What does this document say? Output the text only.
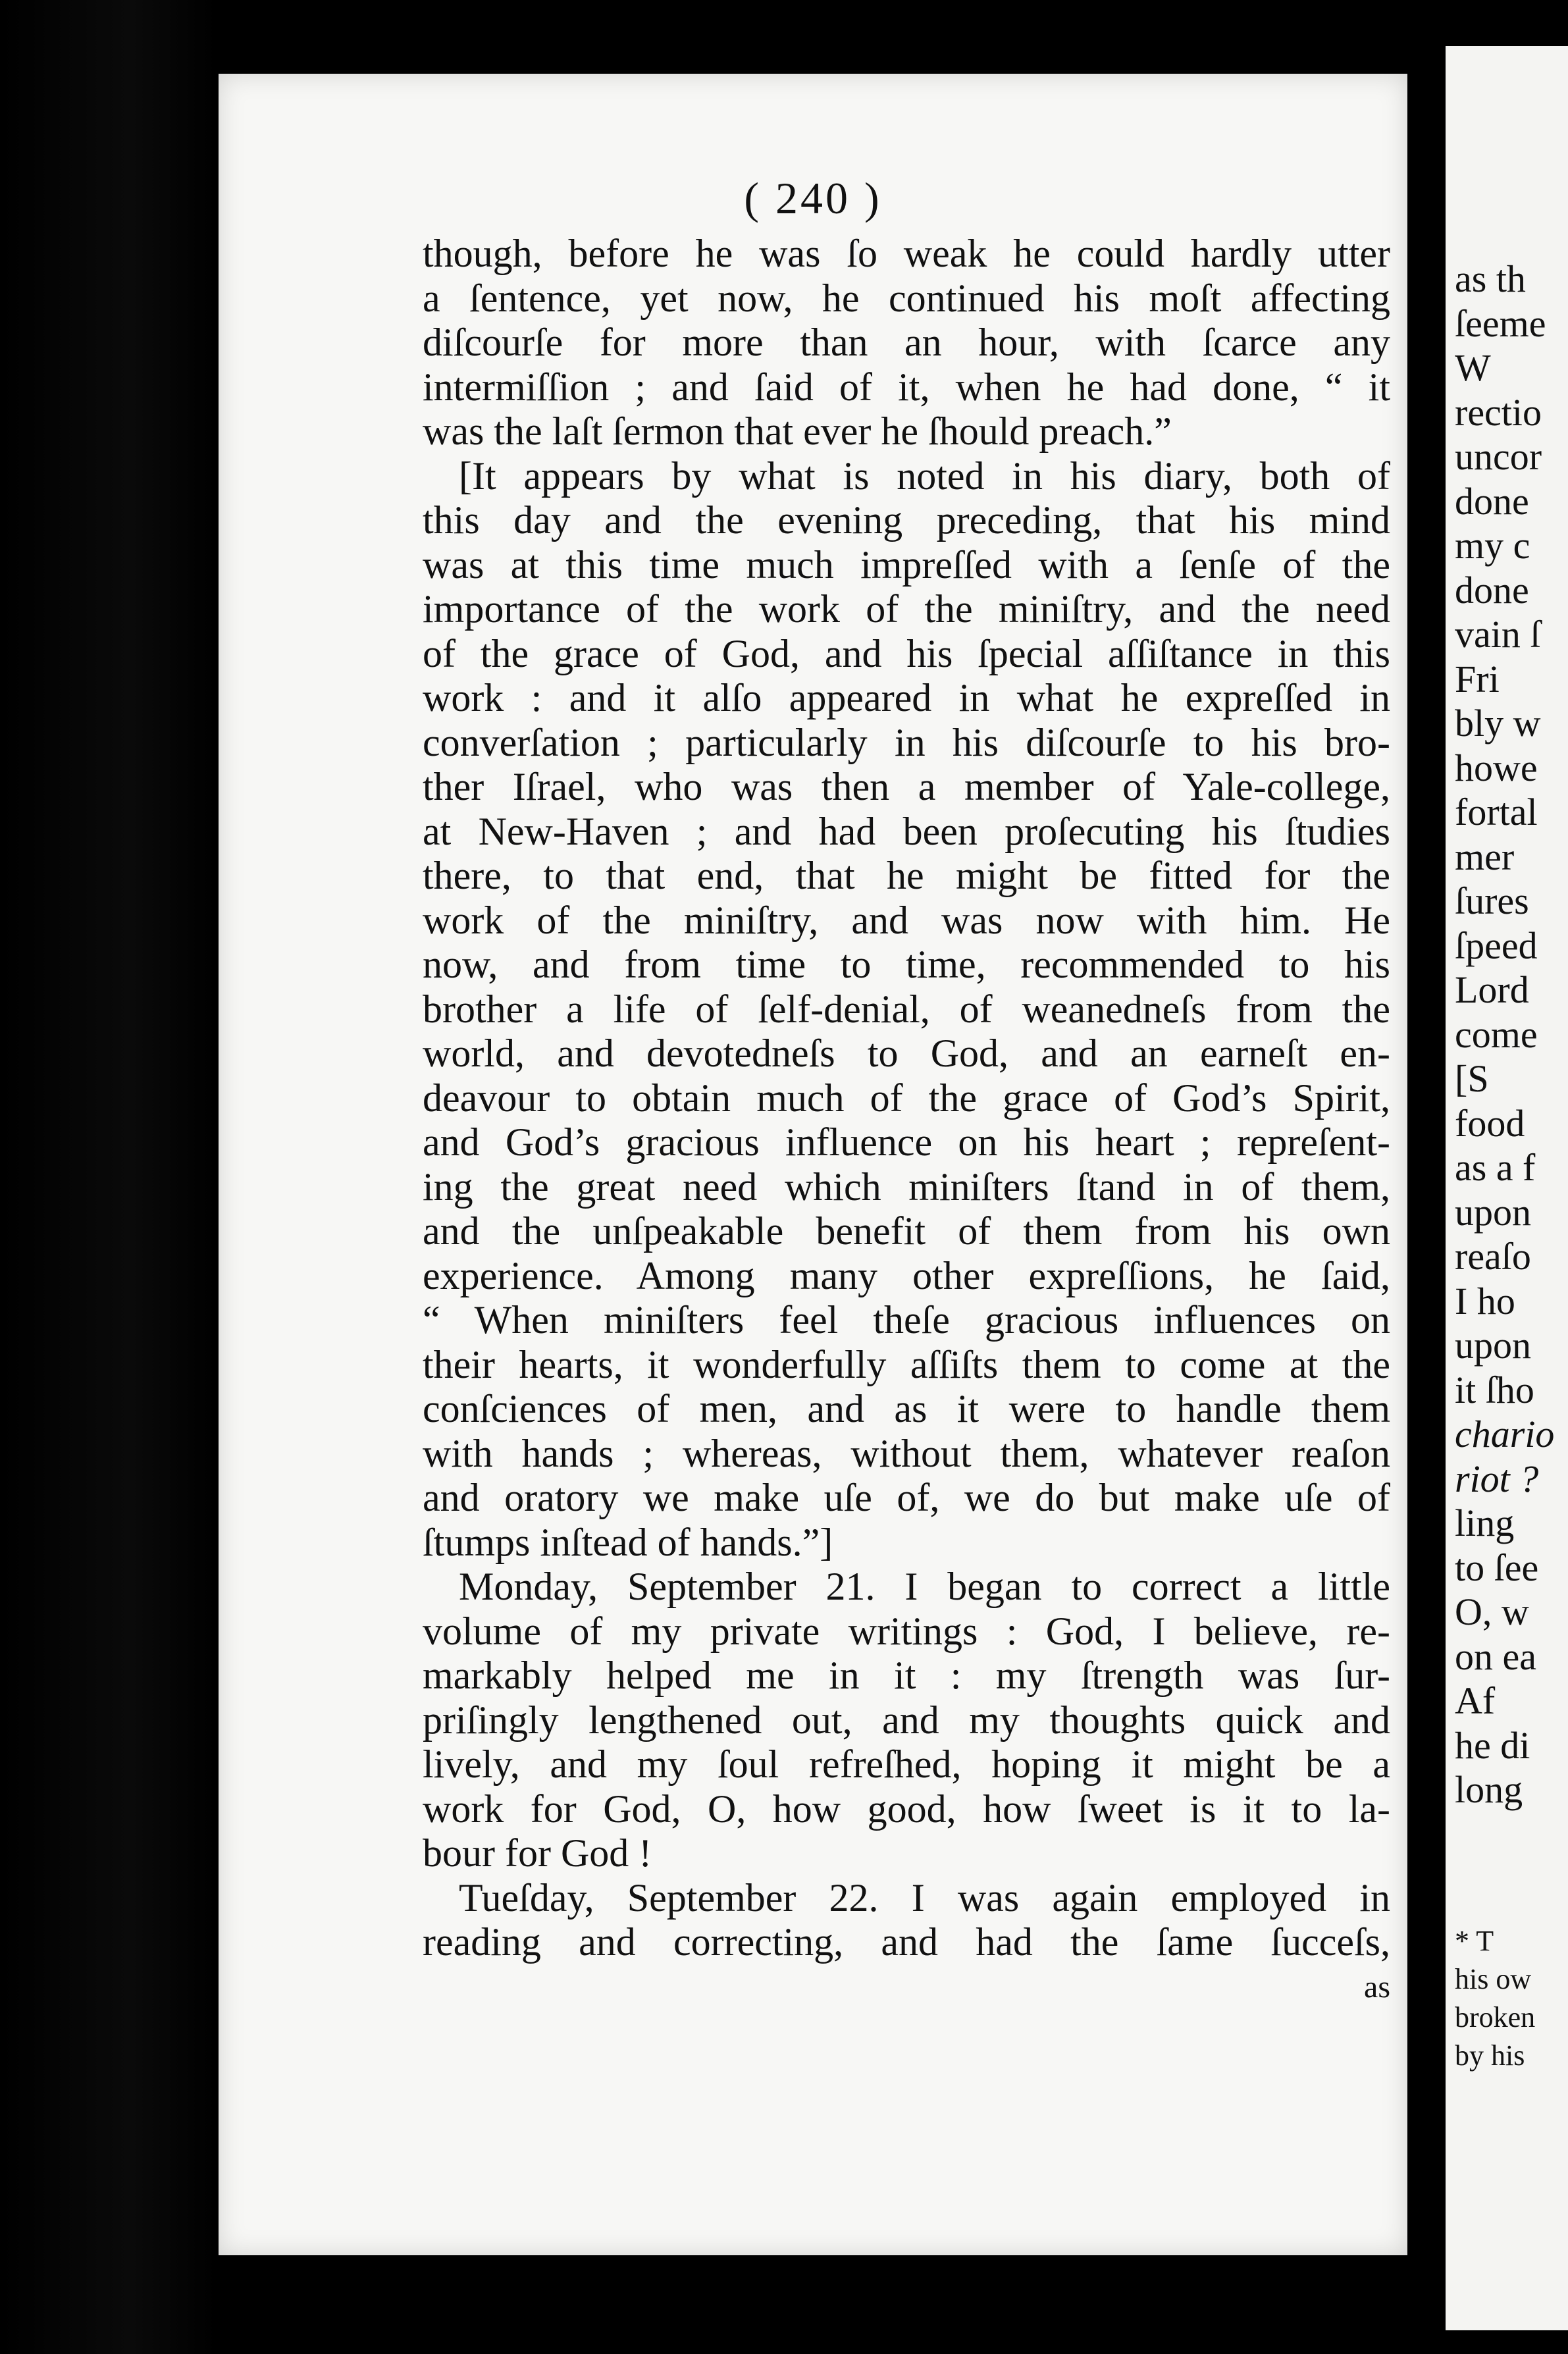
( 240 )
though, before he was ſo weak he could hardly utter
a ſentence, yet now, he continued his moſt affecting
diſcourſe for more than an hour, with ſcarce any
intermiſſion ; and ſaid of it, when he had done, “ it
was the laſt ſermon that ever he ſhould preach.”
[It appears by what is noted in his diary, both of
this day and the evening preceding, that his mind
was at this time much impreſſed with a ſenſe of the
importance of the work of the miniſtry, and the need
of the grace of God, and his ſpecial aſſiſtance in this
work : and it alſo appeared in what he expreſſed in
converſation ; particularly in his diſcourſe to his bro-
ther Iſrael, who was then a member of Yale-college,
at New-Haven ; and had been proſecuting his ſtudies
there, to that end, that he might be fitted for the
work of the miniſtry, and was now with him. He
now, and from time to time, recommended to his
brother a life of ſelf-denial, of weanedneſs from the
world, and devotedneſs to God, and an earneſt en-
deavour to obtain much of the grace of God’s Spirit,
and God’s gracious influence on his heart ; repreſent-
ing the great need which miniſters ſtand in of them,
and the unſpeakable benefit of them from his own
experience. Among many other expreſſions, he ſaid,
“ When miniſters feel theſe gracious influences on
their hearts, it wonderfully aſſiſts them to come at the
conſciences of men, and as it were to handle them
with hands ; whereas, without them, whatever reaſon
and oratory we make uſe of, we do but make uſe of
ſtumps inſtead of hands.”]
Monday, September 21. I began to correct a little
volume of my private writings : God, I believe, re-
markably helped me in it : my ſtrength was ſur-
priſingly lengthened out, and my thoughts quick and
lively, and my ſoul refreſhed, hoping it might be a
work for God, O, how good, how ſweet is it to la-
bour for God !
Tueſday, September 22. I was again employed in
reading and correcting, and had the ſame ſucceſs,
as
as th
ſeeme
W
rectio
uncor
done
my c
done
vain ſ
Fri
bly w
howe
fortal
mer
ſures
ſpeed
Lord
come
[S
food
as a f
upon
reaſo
I ho
upon
it ſho
chario
riot ?
ling
to ſee
O, w
on ea
Af
he di
long
* T
his ow
broken
by his
